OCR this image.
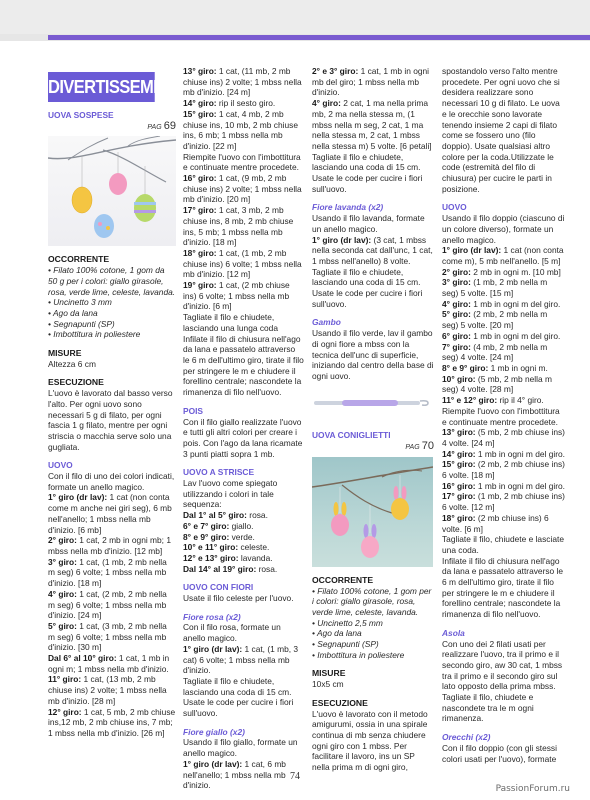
DIVERTISSEMENT
UOVA SOSPESE
PAG 69
OCCORRENTE

• Filato 100% cotone, 1 gom da 50 g per i colori: giallo girasole, rosa, verde lime, celeste, lavanda.

• Uncinetto 3 mm

• Ago da lana

• Segnapunti (SP)

• Imbottitura in poliestere

MISURE

Altezza 6 cm

ESECUZIONE

L'uovo è lavorato dal basso verso l'alto. Per ogni uovo sono necessari 5 g di filato, per ogni fascia 1 g filato, mentre per ogni striscia o macchia serve solo una gugliata.

UOVO

Con il filo di uno dei colori indicati, formate un anello magico.

1° giro (dr lav): 1 cat (non conta come m anche nei giri seg), 6 mb nell'anello; 1 mbss nella mb d'inizio. [6 mb]

2° giro: 1 cat, 2 mb in ogni mb; 1 mbss nella mb d'inizio. [12 mb]

3° giro: 1 cat, (1 mb, 2 mb nella m seg) 6 volte; 1 mbss nella mb d'inizio. [18 m]

4° giro: 1 cat, (2 mb, 2 mb nella m seg) 6 volte; 1 mbss nella mb d'inizio. [24 m]

5° giro: 1 cat, (3 mb, 2 mb nella m seg) 6 volte; 1 mbss nella mb d'inizio. [30 m]

Dal 6° al 10° giro: 1 cat, 1 mb in ogni m; 1 mbss nella mb d'inizio.

11° giro: 1 cat, (13 mb, 2 mb chiuse ins) 2 volte; 1 mbss nella mb d'inizio. [28 m]

12° giro: 1 cat, 5 mb, 2 mb chiuse ins,12 mb, 2 mb chiuse ins, 7 mb; 1 mbss nella mb d'inizio. [26 m]

13° giro: 1 cat, (11 mb, 2 mb chiuse ins) 2 volte; 1 mbss nella mb d'inizio. [24 m]

14° giro: rip il sesto giro.

15° giro: 1 cat, 4 mb, 2 mb chiuse ins, 10 mb, 2 mb chiuse ins, 6 mb; 1 mbss nella mb d'inizio. [22 m]

Riempite l'uovo con l'imbottitura e continuate mentre procedete.

16° giro: 1 cat, (9 mb, 2 mb chiuse ins) 2 volte; 1 mbss nella mb d'inizio. [20 m]

17° giro: 1 cat, 3 mb, 2 mb chiuse ins, 8 mb, 2 mb chiuse ins, 5 mb; 1 mbss nella mb d'inizio. [18 m]

18° giro: 1 cat, (1 mb, 2 mb chiuse ins) 6 volte; 1 mbss nella mb d'inizio. [12 m]

19° giro: 1 cat, (2 mb chiuse ins) 6 volte; 1 mbss nella mb d'inizio. [6 m]

Tagliate il filo e chiudete, lasciando una lunga coda Infilate il filo di chiusura nell'ago da lana e passatelo attraverso le 6 m dell'ultimo giro, tirate il filo per stringere le m e chiudere il forellino centrale; nascondete la rimanenza di filo nell'uovo.

POIS

Con il filo giallo realizzate l'uovo e tutti gli altri colori per creare i pois. Con l'ago da lana ricamate 3 punti piatti sopra 1 mb.

UOVO A STRISCE

Lav l'uovo come spiegato utilizzando i colori in tale sequenza:

Dal 1° al 5° giro: rosa.

6° e 7° giro: giallo.

8° e 9° giro: verde.

10° e 11° giro: celeste.

12° e 13° giro: lavanda.

Dal 14° al 19° giro: rosa.

UOVO CON FIORI

Usate il filo celeste per l'uovo.

Fiore rosa (x2)

Con il filo rosa, formate un anello magico.

1° giro (dr lav): 1 cat, (1 mb, 3 cat) 6 volte; 1 mbss nella mb d'inizio.

Tagliate il filo e chiudete, lasciando una coda di 15 cm. Usate le code per cucire i fiori sull'uovo.

Fiore giallo (x2)

Usando il filo giallo, formate un anello magico.

1° giro (dr lav): 1 cat, 6 mb nell'anello; 1 mbss nella mb d'inizio.

2° e 3° giro: 1 cat, 1 mb in ogni mb del giro; 1 mbss nella mb d'inizio.

4° giro: 2 cat, 1 ma nella prima mb, 2 ma nella stessa m, (1 mbss nella m seg, 2 cat, 1 ma nella stessa m, 2 cat, 1 mbss nella stessa m) 5 volte. [6 petali]

Tagliate il filo e chiudete, lasciando una coda di 15 cm. Usate le code per cucire i fiori sull'uovo.

Fiore lavanda (x2)

Usando il filo lavanda, formate un anello magico.

1° giro (dr lav): (3 cat, 1 mbss nella seconda cat dall'unc, 1 cat, 1 mbss nell'anello) 8 volte.

Tagliate il filo e chiudete, lasciando una coda di 15 cm. Usate le code per cucire i fiori sull'uovo.

Gambo

Usando il filo verde, lav il gambo di ogni fiore a mbss con la tecnica dell'unc di superficie, iniziando dal centro della base di ogni uovo.

UOVA CONIGLIETTI
PAG 70
OCCORRENTE

• Filato 100% cotone, 1 gom per i colori: giallo girasole, rosa, verde lime, celeste, lavanda.

• Uncinetto 2,5 mm

• Ago da lana

• Segnapunti (SP)

• Imbottitura in poliestere

MISURE

10x5 cm

ESECUZIONE

L'uovo è lavorato con il metodo amigurumi, ossia in una spirale continua di mb senza chiudere ogni giro con 1 mbss. Per facilitare il lavoro, ins un SP nella prima m di ogni giro,

spostandolo verso l'alto mentre procedete. Per ogni uovo che si desidera realizzare sono necessari 10 g di filato. Le uova e le orecchie sono lavorate tenendo insieme 2 capi di filato come se fossero uno (filo doppio). Usate qualsiasi altro colore per la coda.Utilizzate le code (estremità del filo di chiusura) per cucire le parti in posizione.

UOVO

Usando il filo doppio (ciascuno di un colore diverso), formate un anello magico.

1° giro (dr lav): 1 cat (non conta come m), 5 mb nell'anello. [5 m]

2° giro: 2 mb in ogni m. [10 mb]

3° giro: (1 mb, 2 mb nella m seg) 5 volte. [15 m]

4° giro: 1 mb in ogni m del giro.

5° giro: (2 mb, 2 mb nella m seg) 5 volte. [20 m]

6° giro: 1 mb in ogni m del giro.

7° giro: (4 mb, 2 mb nella m seg) 4 volte. [24 m]

8° e 9° giro: 1 mb in ogni m.

10° giro: (5 mb, 2 mb nella m seg) 4 volte. [28 m]

11° e 12° giro: rip il 4° giro.

Riempite l'uovo con l'imbottitura e continuate mentre procedete.

13° giro: (5 mb, 2 mb chiuse ins) 4 volte. [24 m]

14° giro: 1 mb in ogni m del giro.

15° giro: (2 mb, 2 mb chiuse ins) 6 volte. [18 m]

16° giro: 1 mb in ogni m del giro.

17° giro: (1 mb, 2 mb chiuse ins) 6 volte. [12 m]

18° giro: (2 mb chiuse ins) 6 volte. [6 m]

Tagliate il filo, chiudete e lasciate una coda.

Infilate il filo di chiusura nell'ago da lana e passatelo attraverso le 6 m dell'ultimo giro, tirate il filo per stringere le m e chiudere il forellino centrale; nascondete la rimanenza di filo nell'uovo.

Asola

Con uno dei 2 filati usati per realizzare l'uovo, tra il primo e il secondo giro, aw 30 cat, 1 mbss tra il primo e il secondo giro sul lato opposto della prima mbss. Tagliate il filo, chiudete e nascondete tra le m ogni rimanenza.

Orecchi (x2)

Con il filo doppio (con gli stessi colori usati per l'uovo), formate

74
PassionForum.ru
